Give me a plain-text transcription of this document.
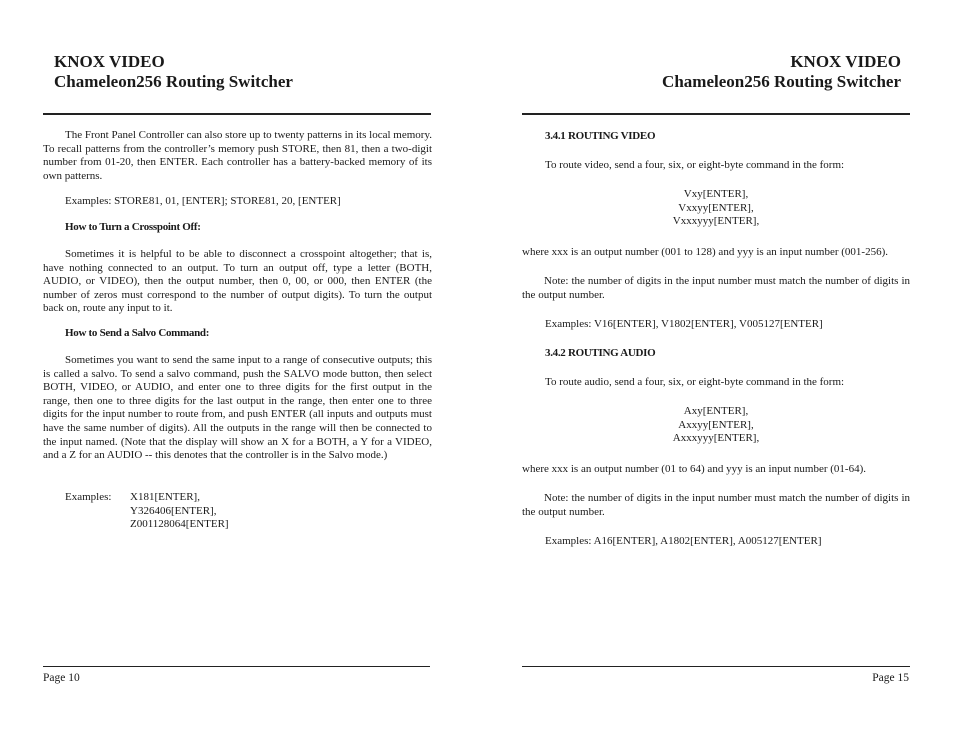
KNOX VIDEO
Chameleon256 Routing Switcher
The Front Panel Controller can also store up to twenty patterns in its local memory. To recall patterns from the controller’s memory push STORE, then 81, then a two-digit number from 01-20, then ENTER. Each controller has a battery-backed memory of its own patterns.
Examples: STORE81, 01, [ENTER]; STORE81, 20, [ENTER]
How to Turn a Crosspoint Off:
Sometimes it is helpful to be able to disconnect a crosspoint altogether; that is, have nothing connected to an output. To turn an output off, type a letter (BOTH, AUDIO, or VIDEO), then the output number, then 0, 00, or 000, then ENTER (the number of zeros must correspond to the number of output digits). To turn the output back on, route any input to it.
How to Send a Salvo Command:
Sometimes you want to send the same input to a range of consecutive outputs; this is called a salvo. To send a salvo command, push the SALVO mode button, then select BOTH, VIDEO, or AUDIO, and enter one to three digits for the first output in the range, then one to three digits for the last output in the range, then enter one to three digits for the input number to route from, and push ENTER (all inputs and outputs must have the same number of digits). All the outputs in the range will then be connected to the input named. (Note that the display will show an X for a BOTH, a Y for a VIDEO, and a Z for an AUDIO -- this denotes that the controller is in the Salvo mode.)
Examples:	X181[ENTER],
Y326406[ENTER],
Z001128064[ENTER]
Page 10
KNOX VIDEO
Chameleon256 Routing Switcher
3.4.1 ROUTING VIDEO
To route video, send a four, six, or eight-byte command in the form:
Vxy[ENTER],
Vxxyy[ENTER],
Vxxxyyy[ENTER],
where xxx is an output number (001 to 128) and yyy is an input number (001-256).
Note: the number of digits in the input number must match the number of digits in the output number.
Examples: V16[ENTER], V1802[ENTER], V005127[ENTER]
3.4.2 ROUTING AUDIO
To route audio, send a four, six, or eight-byte command in the form:
Axy[ENTER],
Axxyy[ENTER],
Axxxyyy[ENTER],
where xxx is an output number (01 to 64) and yyy is an input number (01-64).
Note: the number of digits in the input number must match the number of digits in the output number.
Examples: A16[ENTER], A1802[ENTER], A005127[ENTER]
Page 15
